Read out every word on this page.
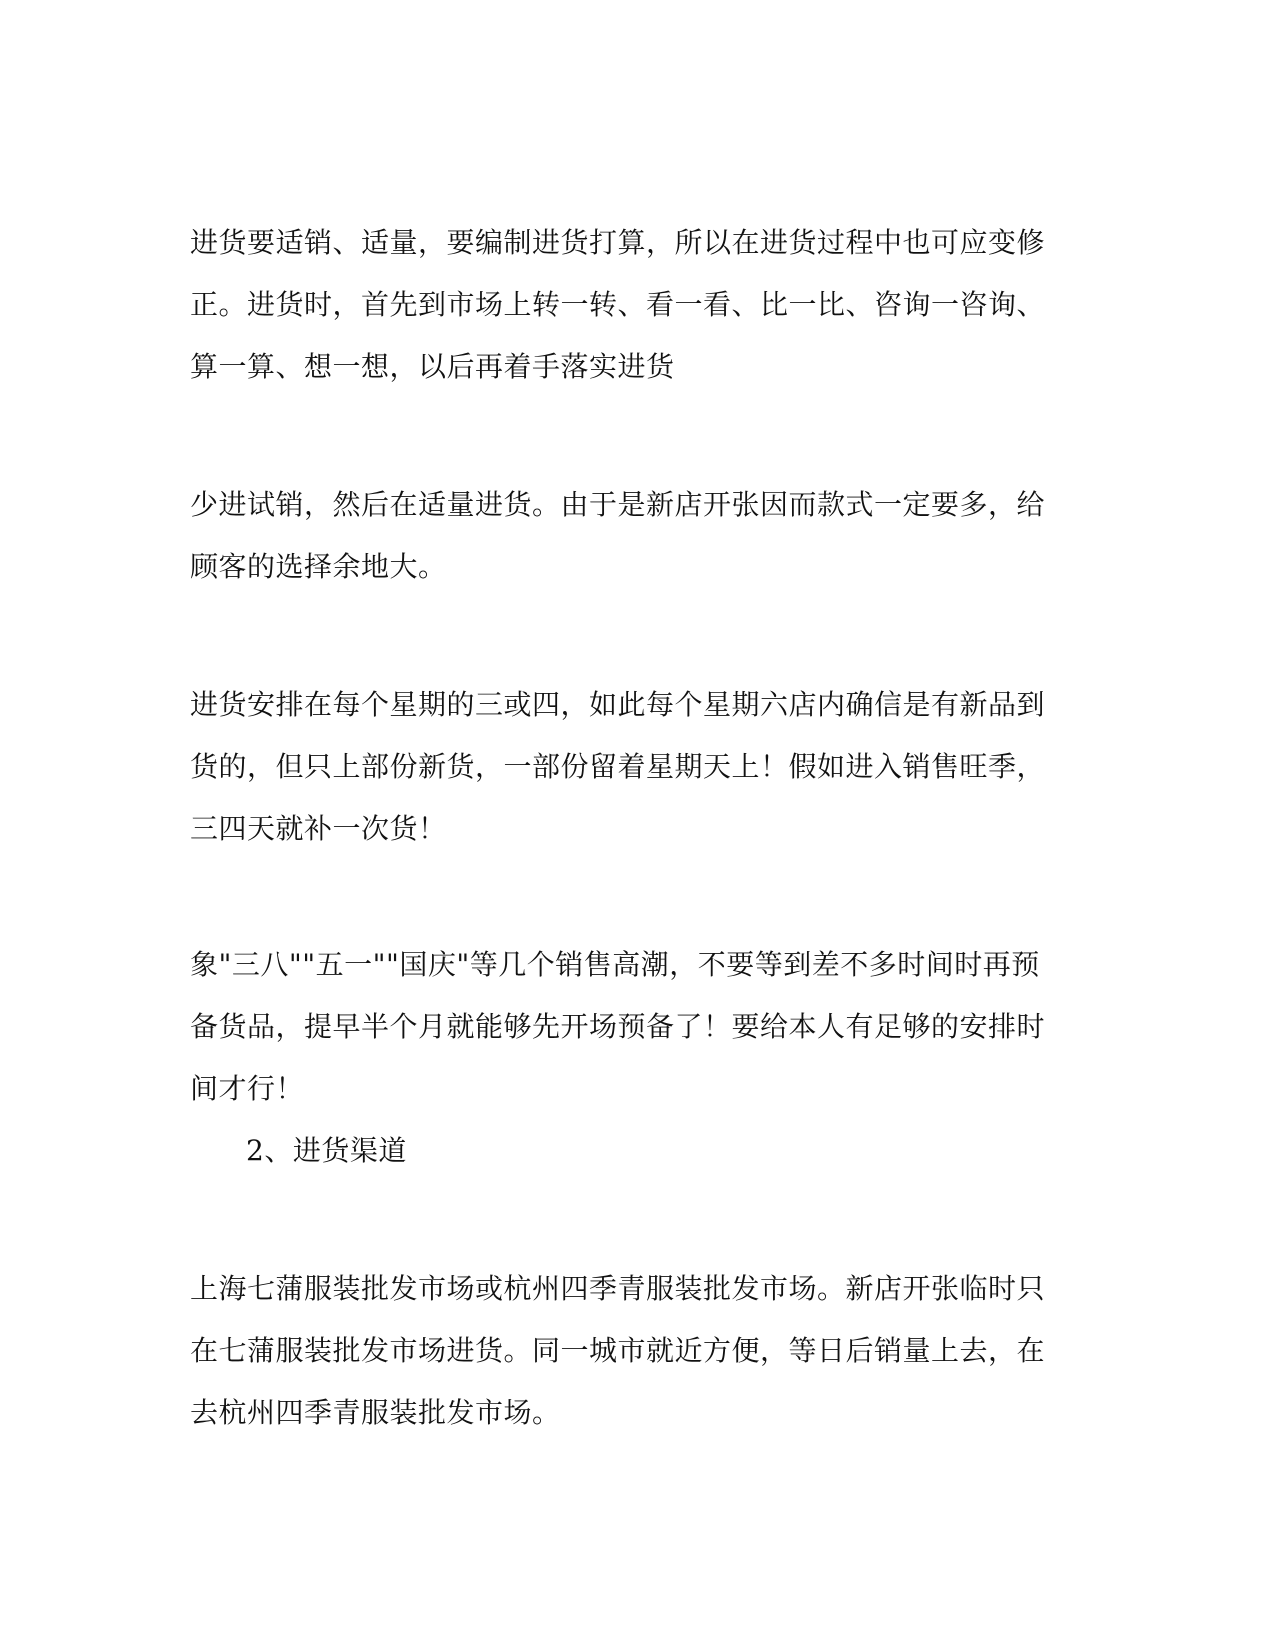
进货要适销、适量，要编制进货打算，所以在进货过程中也可应变修

正。进货时，首先到市场上转一转、看一看、比一比、咨询一咨询、

算一算、想一想，以后再着手落实进货

少进试销，然后在适量进货。由于是新店开张因而款式一定要多，给

顾客的选择余地大。

进货安排在每个星期的三或四，如此每个星期六店内确信是有新品到

货的，但只上部份新货，一部份留着星期天上！假如进入销售旺季，

三四天就补一次货！

象"三八""五一""国庆"等几个销售高潮，不要等到差不多时间时再预

备货品，提早半个月就能够先开场预备了！要给本人有足够的安排时

间才行！

2、进货渠道

上海七蒲服装批发市场或杭州四季青服装批发市场。新店开张临时只

在七蒲服装批发市场进货。同一城市就近方便，等日后销量上去，在

去杭州四季青服装批发市场。
